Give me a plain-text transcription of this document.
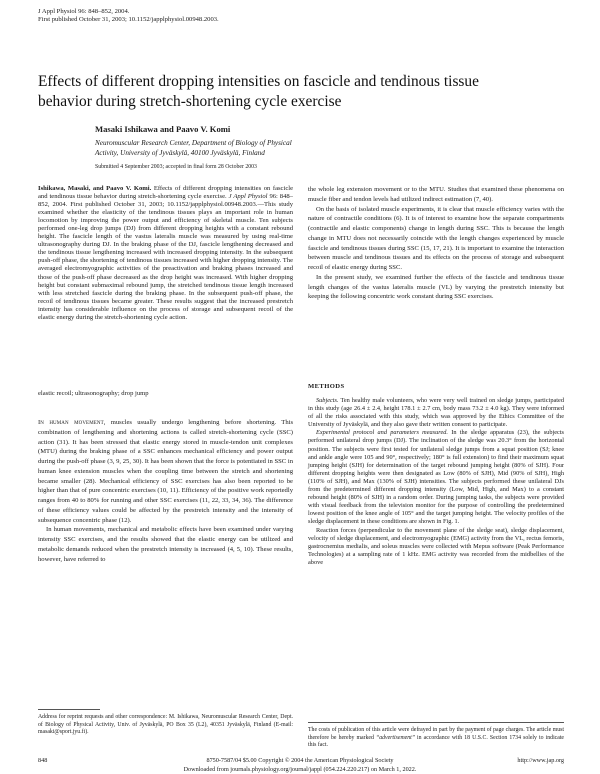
J Appl Physiol 96: 848–852, 2004.
First published October 31, 2003; 10.1152/japplphysiol.00948.2003.
Effects of different dropping intensities on fascicle and tendinous tissue behavior during stretch-shortening cycle exercise
Masaki Ishikawa and Paavo V. Komi
Neuromuscular Research Center, Department of Biology of Physical
Activity, University of Jyväskylä, 40100 Jyväskylä, Finland
Submitted 4 September 2003; accepted in final form 28 October 2003
Ishikawa, Masaki, and Paavo V. Komi. Effects of different dropping intensities on fascicle and tendinous tissue behavior during stretch-shortening cycle exercise. J Appl Physiol 96: 848–852, 2004. First published October 31, 2003; 10.1152/japplphysiol.00948.2003.—This study examined whether the elasticity of the tendinous tissues plays an important role in human locomotion by improving the power output and efficiency of skeletal muscle. Ten subjects performed one-leg drop jumps (DJ) from different dropping heights with a constant rebound height. The fascicle length of the vastus lateralis muscle was measured by using real-time ultrasonography during DJ. In the braking phase of the DJ, fascicle lengthening decreased and the tendinous tissue lengthening increased with increased dropping intensity. In the subsequent push-off phase, the shortening of tendinous tissues increased with higher dropping intensity. The averaged electromyographic activities of the preactivation and braking phases increased and those of the push-off phase decreased as the drop height was increased. With higher dropping height but constant submaximal rebound jump, the stretched tendinous tissue length increased with less stretched fascicle during the braking phase. In the subsequent push-off phase, the recoil of tendinous tissues became greater. These results suggest that the increased prestretch intensity has considerable influence on the process of storage and subsequent recoil of the elastic energy during the stretch-shortening cycle action.
elastic recoil; ultrasonography; drop jump

In human movement, muscles usually undergo lengthening before shortening. This combination of lengthening and shortening actions is called stretch-shortening cycle (SSC) action (31). It has been stressed that elastic energy stored in muscle-tendon unit complexes (MTU) during the braking phase of a SSC enhances mechanical efficiency and power output during the push-off phase (3, 9, 25, 30). It has been shown that the force is potentiated in SSC in human knee extension muscles when the coupling time between the stretch and shortening became smaller (28). Mechanical efficiency of SSC exercises has also been reported to be higher than that of pure concentric exercises (10, 11). Efficiency of the positive work reportedly ranges from 40 to 80% for running and other SSC exercises (11, 22, 33, 34, 36). The difference of these efficiency values could be affected by the prestretch intensity and the intensity of subsequence concentric phase (12).

In human movements, mechanical and metabolic effects have been examined under varying intensity SSC exercises, and the results showed that the elastic energy can be utilized and metabolic demands reduced when the prestretch intensity is increased (4, 5, 10). These results, however, have referred to

the whole leg extension movement or to the MTU. Studies that examined these phenomena on muscle fiber and tendon levels had utilized indirect estimation (7, 40).

On the basis of isolated muscle experiments, it is clear that muscle efficiency varies with the nature of contractile conditions (6). It is of interest to examine how the separate compartments (contractile and elastic components) change in length during SSC. This is because the length change in MTU does not necessarily coincide with the length changes experienced by muscle fascicle and tendinous tissues during SSC (15, 17, 21). It is important to examine the interaction between muscle and tendinous tissues and its effects on the process of storage and subsequent recoil of elastic energy during SSC.

In the present study, we examined further the effects of the fascicle and tendinous tissue length changes of the vastus lateralis muscle (VL) by varying the prestretch intensity but keeping the following concentric work constant during SSC exercises.

METHODS

Subjects. Ten healthy male volunteers, who were very well trained on sledge jumps, participated in this study (age 26.4 ± 2.4, height 178.1 ± 2.7 cm, body mass 73.2 ± 4.0 kg). They were informed of all the risks associated with this study, which was approved by the Ethics Committee of the University of Jyväskylä, and they also gave their written consent to participate.

Experimental protocol and parameters measured. In the sledge apparatus (23), the subjects performed unilateral drop jumps (DJ). The inclination of the sledge was 20.3° from the horizontal position. The subjects were first tested for unilateral sledge jumps from a squat position (SJ; knee and ankle angle were 105 and 90°, respectively; 180° is full extension) to find their maximum squat jumping height (SJH) for determination of the target rebound jumping height (80% of SJH). Four different dropping heights were then designated as Low (80% of SJH), Mid (90% of SJH), High (110% of SJH), and Max (130% of SJH) intensities. The subjects performed these unilateral DJs from the predetermined different dropping intensity (Low, Mid, High, and Max) to a constant rebound height (80% of SJH) in a random order. During jumping tasks, the subjects were provided with visual feedback from the television monitor for the purpose of controlling the predetermined lowest position of the knee angle of 105° and the target jumping height. The velocity profiles of the sledge displacement in these conditions are shown in Fig. 1.

Reaction forces (perpendicular to the movement plane of the sledge seat), sledge displacement, velocity of sledge displacement, and electromyographic (EMG) activity from the VL, rectus femoris, gastrocnemius medialis, and soleus muscles were collected with Mepus software (Peak Performance Technologies) at a sampling rate of 1 kHz. EMG activity was recorded from the midbellies of the above

Address for reprint requests and other correspondence: M. Ishikawa, Neuromuscular Research Center, Dept. of Biology of Physical Activity, Univ. of Jyväskylä, PO Box 35 (L2), 40351 Jyväskylä, Finland (E-mail: masaki@sport.jyu.fi).	The costs of publication of this article were defrayed in part by the payment of page charges. The article must therefore be hereby marked “advertisement” in accordance with 18 U.S.C. Section 1734 solely to indicate this fact.
8750-7587/04 $5.00 Copyright © 2004 the American Physiological Society
848	http://www.jap.org
Downloaded from journals.physiology.org/journal/jappl (054.224.220.217) on March 1, 2022.
